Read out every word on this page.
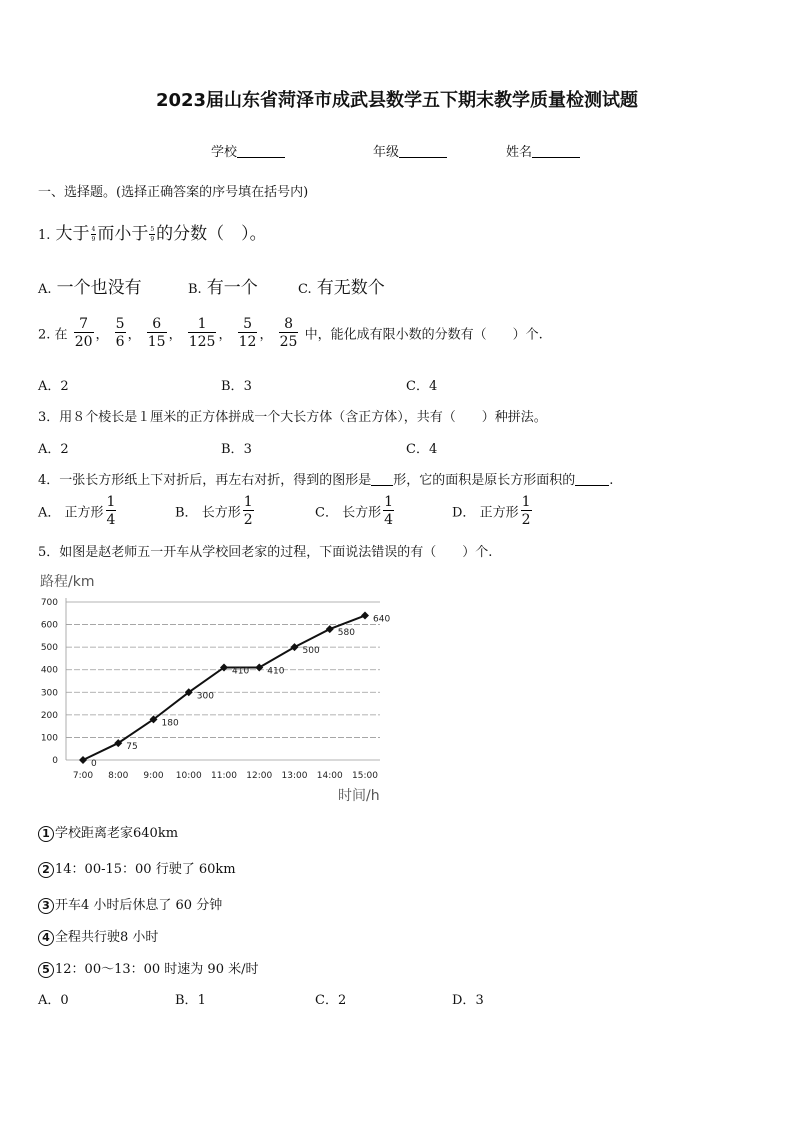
2023届山东省菏泽市成武县数学五下期末教学质量检测试题
学校	年级	姓名
一、选择题。(选择正确答案的序号填在括号内)
1. 大于 $\frac{4}{9}$ 而小于 $\frac{5}{9}$ 的分数（　）。
A. 一个也没有	B. 有一个	C. 有无数个
2. 在 $\frac{7}{20}$ ， $\frac{5}{6}$ ， $\frac{6}{15}$ ， $\frac{1}{125}$ ， $\frac{5}{12}$ ， $\frac{8}{25}$ 中，能化成有限小数的分数有（　　）个.
A．2	B．3	C．4
3．用８个棱长是１厘米的正方体拼成一个大长方体（含正方体），共有（　　）种拼法。
A．2	B．3	C．4
4．一张长方形纸上下对折后，再左右对折，得到的图形是 形，它的面积是原长方形面积的	.
A． 正方形 $\frac{1}{4}$	B． 长方形 $\frac{1}{2}$	C． 长方形 $\frac{1}{4}$	D． 正方形 $\frac{1}{2}$
5．如图是赵老师五一开车从学校回老家的过程，下面说法错误的有（　　）个.
路程/km
时间/h
0
100
200
300
400
500
600
700
7:00 8:00 9:00 10:00 11:00 12:00 13:00 14:00 15:00
0
75
180
300
410 410
500
580
640
1 学校距离老家640km
2 14：00-15：00 行驶了 60km
3 开车4 小时后休息了 60 分钟
4 全程共行驶8 小时
5 12：00～13：00 时速为 90 米/时
A．0	B．1	C．2	D．3
